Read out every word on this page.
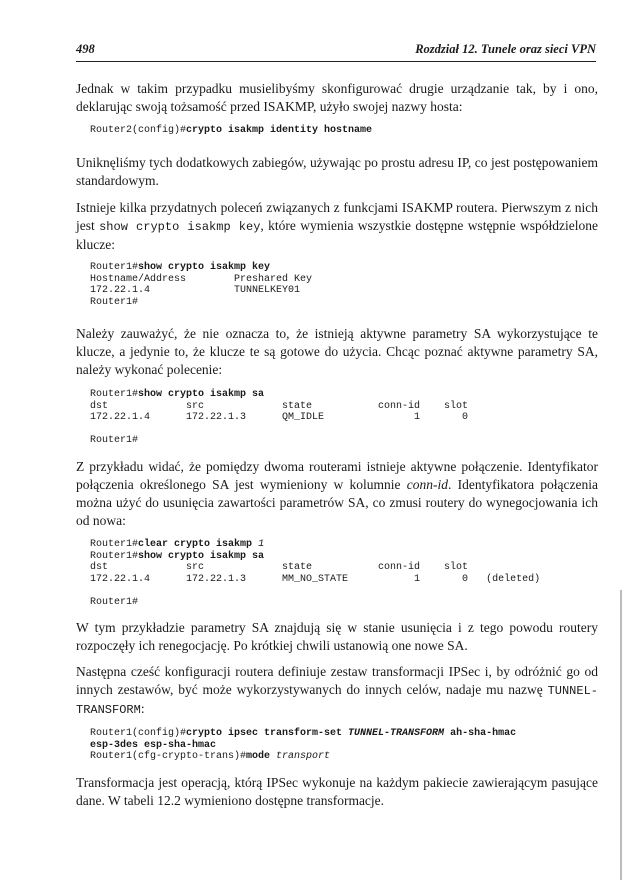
498	Rozdział 12. Tunele oraz sieci VPN

Jednak w takim przypadku musielibyśmy skonfigurować drugie urządzanie tak, by i ono, deklarując swoją tożsamość przed ISAKMP, użyło swojej nazwy hosta:

Router2(config)#crypto isakmp identity hostname

Uniknęliśmy tych dodatkowych zabiegów, używając po prostu adresu IP, co jest postępowaniem standardowym.

Istnieje kilka przydatnych poleceń związanych z funkcjami ISAKMP routera. Pierwszym z nich jest show crypto isakmp key, które wymienia wszystkie dostępne wstępnie współdzielone klucze:

Router1#show crypto isakmp key
Hostname/Address        Preshared Key
172.22.1.4              TUNNELKEY01
Router1#

Należy zauważyć, że nie oznacza to, że istnieją aktywne parametry SA wykorzystujące te klucze, a jedynie to, że klucze te są gotowe do użycia. Chcąc poznać aktywne parametry SA, należy wykonać polecenie:

Router1#show crypto isakmp sa
dst             src             state           conn-id    slot
172.22.1.4      172.22.1.3      QM_IDLE               1       0

Router1#

Z przykładu widać, że pomiędzy dwoma routerami istnieje aktywne połączenie. Identyfikator połączenia określonego SA jest wymieniony w kolumnie conn-id. Identyfikatora połączenia można użyć do usunięcia zawartości parametrów SA, co zmusi routery do wynegocjowania ich od nowa:

Router1#clear crypto isakmp 1
Router1#show crypto isakmp sa
dst             src             state           conn-id    slot
172.22.1.4      172.22.1.3      MM_NO_STATE           1       0   (deleted)

Router1#

W tym przykładzie parametry SA znajdują się w stanie usunięcia i z tego powodu routery rozpoczęły ich renegocjację. Po krótkiej chwili ustanowią one nowe SA.

Następna cześć konfiguracji routera definiuje zestaw transformacji IPSec i, by odróżnić go od innych zestawów, być może wykorzystywanych do innych celów, nadaje mu nazwę TUNNEL-TRANSFORM:

Router1(config)#crypto ipsec transform-set TUNNEL-TRANSFORM ah-sha-hmac
esp-3des esp-sha-hmac
Router1(cfg-crypto-trans)#mode transport

Transformacja jest operacją, którą IPSec wykonuje na każdym pakiecie zawierającym pasujące dane. W tabeli 12.2 wymieniono dostępne transformacje.
